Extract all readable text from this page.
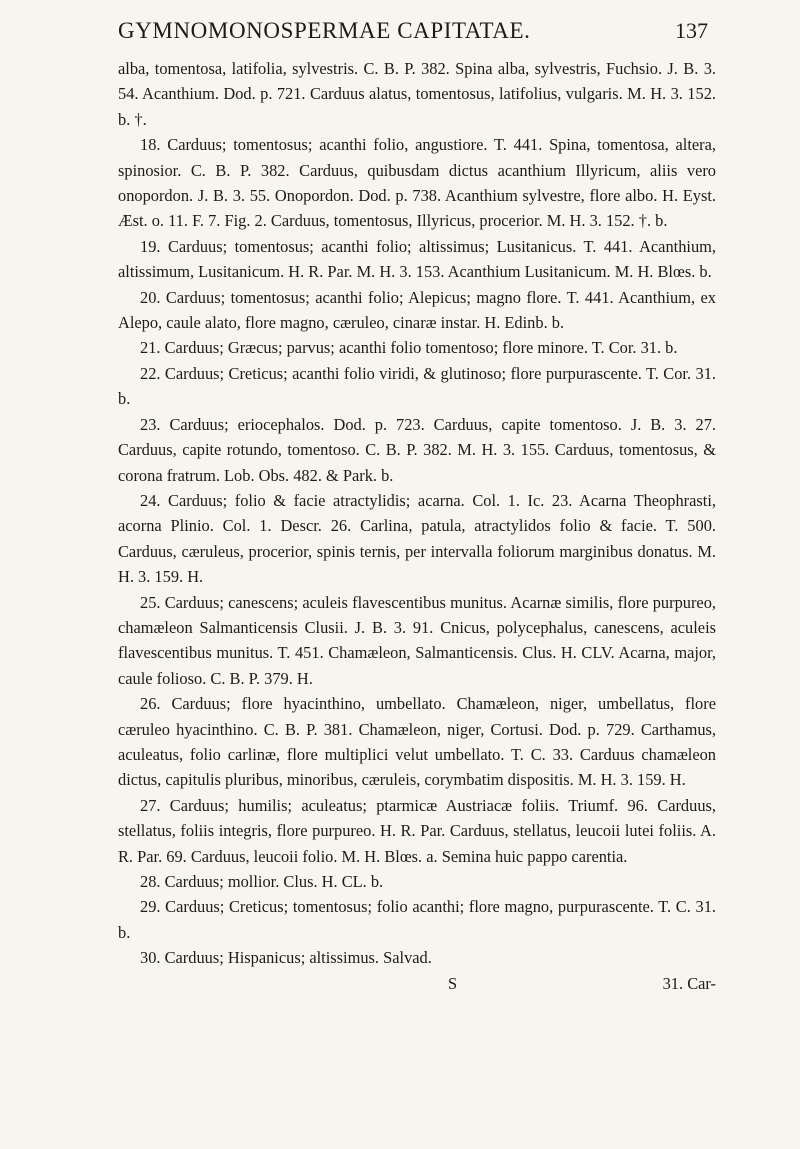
GYMNOMONOSPERMAE CAPITATAE.	137

alba, tomentosa, latifolia, sylvestris. C. B. P. 382. Spina alba, sylvestris, Fuchsio. J. B. 3. 54. Acanthium. Dod. p. 721. Carduus alatus, tomentosus, latifolius, vulgaris. M. H. 3. 152. b. †.

18. Carduus; tomentosus; acanthi folio, angustiore. T. 441. Spina, tomentosa, altera, spinosior. C. B. P. 382. Carduus, quibusdam dictus acanthium Illyricum, aliis vero onopordon. J. B. 3. 55. Onopordon. Dod. p. 738. Acanthium sylvestre, flore albo. H. Eyst. Æst. o. 11. F. 7. Fig. 2. Carduus, tomentosus, Illyricus, procerior. M. H. 3. 152. †. b.

19. Carduus; tomentosus; acanthi folio; altissimus; Lusitanicus. T. 441. Acanthium, altissimum, Lusitanicum. H. R. Par. M. H. 3. 153. Acanthium Lusitanicum. M. H. Blœs. b.

20. Carduus; tomentosus; acanthi folio; Alepicus; magno flore. T. 441. Acanthium, ex Alepo, caule alato, flore magno, cæruleo, cinaræ instar. H. Edinb. b.

21. Carduus; Græcus; parvus; acanthi folio tomentoso; flore minore. T. Cor. 31. b.

22. Carduus; Creticus; acanthi folio viridi, & glutinoso; flore purpurascente. T. Cor. 31. b.

23. Carduus; eriocephalos. Dod. p. 723. Carduus, capite tomentoso. J. B. 3. 27. Carduus, capite rotundo, tomentoso. C. B. P. 382. M. H. 3. 155. Carduus, tomentosus, & corona fratrum. Lob. Obs. 482. & Park. b.

24. Carduus; folio & facie atractylidis; acarna. Col. 1. Ic. 23. Acarna Theophrasti, acorna Plinio. Col. 1. Descr. 26. Carlina, patula, atractylidos folio & facie. T. 500. Carduus, cæruleus, procerior, spinis ternis, per intervalla foliorum marginibus donatus. M. H. 3. 159. H.

25. Carduus; canescens; aculeis flavescentibus munitus. Acarnæ similis, flore purpureo, chamæleon Salmanticensis Clusii. J. B. 3. 91. Cnicus, polycephalus, canescens, aculeis flavescentibus munitus. T. 451. Chamæleon, Salmanticensis. Clus. H. CLV. Acarna, major, caule folioso. C. B. P. 379. H.

26. Carduus; flore hyacinthino, umbellato. Chamæleon, niger, umbellatus, flore cæruleo hyacinthino. C. B. P. 381. Chamæleon, niger, Cortusi. Dod. p. 729. Carthamus, aculeatus, folio carlinæ, flore multiplici velut umbellato. T. C. 33. Carduus chamæleon dictus, capitulis pluribus, minoribus, cæruleis, corymbatim dispositis. M. H. 3. 159. H.

27. Carduus; humilis; aculeatus; ptarmicæ Austriacæ foliis. Triumf. 96. Carduus, stellatus, foliis integris, flore purpureo. H. R. Par. Carduus, stellatus, leucoii lutei foliis. A. R. Par. 69. Carduus, leucoii folio. M. H. Blœs. a. Semina huic pappo carentia.

28. Carduus; mollior. Clus. H. CL. b.

29. Carduus; Creticus; tomentosus; folio acanthi; flore magno, purpurascente. T. C. 31. b.

30. Carduus; Hispanicus; altissimus. Salvad.

S	31. Car-
